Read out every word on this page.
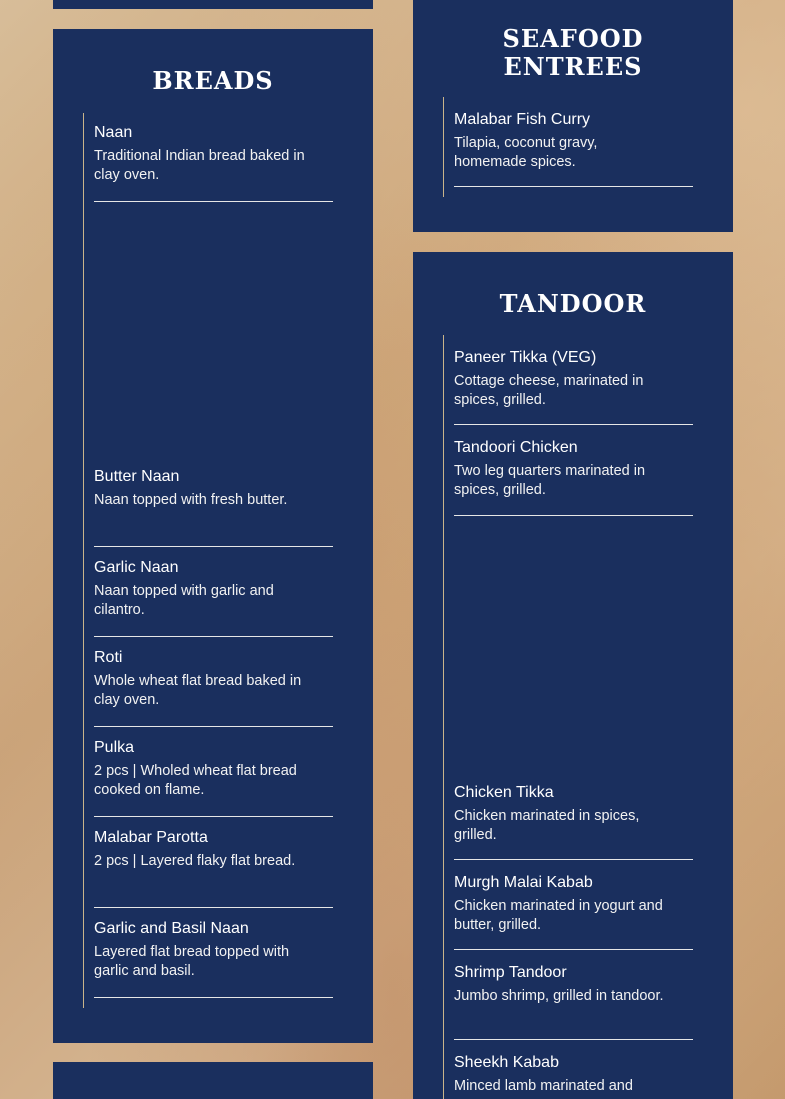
BREADS
Naan
Traditional Indian bread baked in clay oven.
Butter Naan
Naan topped with fresh butter.
Garlic Naan
Naan topped with garlic and cilantro.
Roti
Whole wheat flat bread baked in clay oven.
Pulka
2 pcs | Wholed wheat flat bread cooked on flame.
Malabar Parotta
2 pcs | Layered flaky flat bread.
Garlic and Basil Naan
Layered flat bread topped with garlic and basil.
SEAFOOD
ENTREES
Malabar Fish Curry
Tilapia, coconut gravy, homemade spices.
TANDOOR
Paneer Tikka (VEG)
Cottage cheese, marinated in spices, grilled.
Tandoori Chicken
Two leg quarters marinated in spices, grilled.
Chicken Tikka
Chicken marinated in spices, grilled.
Murgh Malai Kabab
Chicken marinated in yogurt and butter, grilled.
Shrimp Tandoor
Jumbo shrimp, grilled in tandoor.
Sheekh Kabab
Minced lamb marinated and
